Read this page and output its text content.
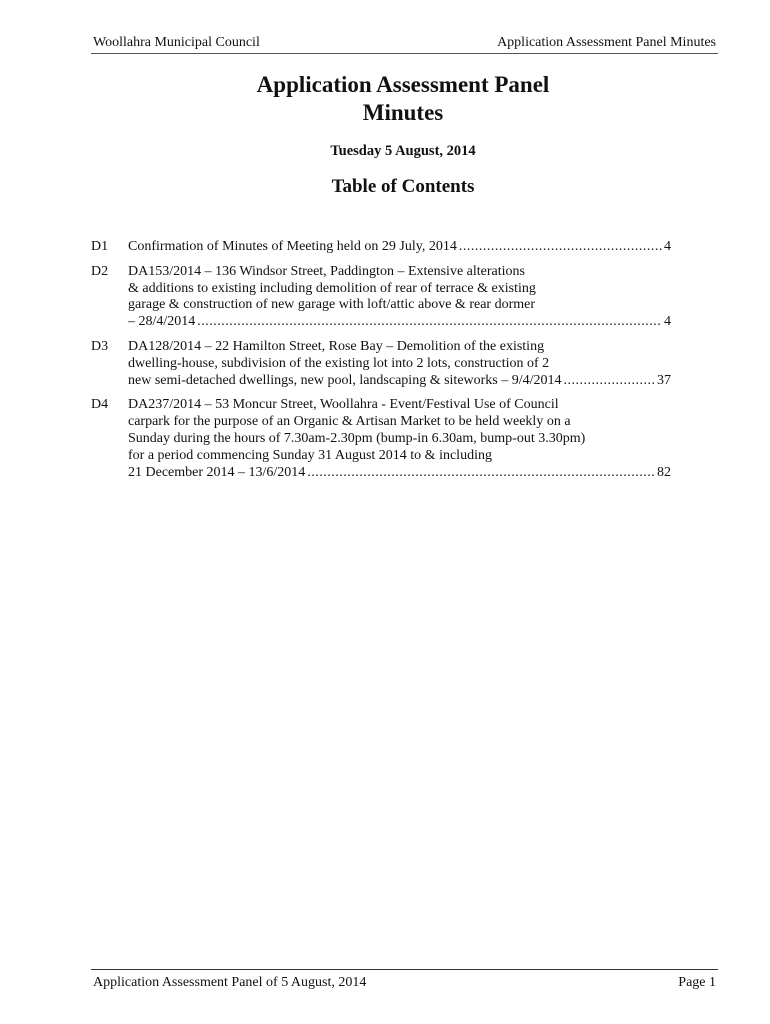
Woollahra Municipal Council	Application Assessment Panel Minutes
Application Assessment Panel
Minutes
Tuesday 5 August, 2014
Table of Contents
D1 Confirmation of Minutes of Meeting held on 29 July, 2014 .....	4
D2 DA153/2014 – 136 Windsor Street, Paddington – Extensive alterations
& additions to existing including demolition of rear of terrace & existing
garage & construction of new garage with loft/attic above & rear dormer
– 28/4/2014 .....	4
D3 DA128/2014 – 22 Hamilton Street, Rose Bay – Demolition of the existing
dwelling-house, subdivision of the existing lot into 2 lots, construction of 2
new semi-detached dwellings, new pool, landscaping & siteworks – 9/4/2014 .....	37
D4 DA237/2014 – 53 Moncur Street, Woollahra - Event/Festival Use of Council
carpark for the purpose of an Organic & Artisan Market to be held weekly on a
Sunday during the hours of 7.30am-2.30pm (bump-in 6.30am, bump-out 3.30pm)
for a period commencing Sunday 31 August 2014 to & including
21 December 2014 – 13/6/2014 .....	82
Application Assessment Panel of 5 August, 2014	Page 1
